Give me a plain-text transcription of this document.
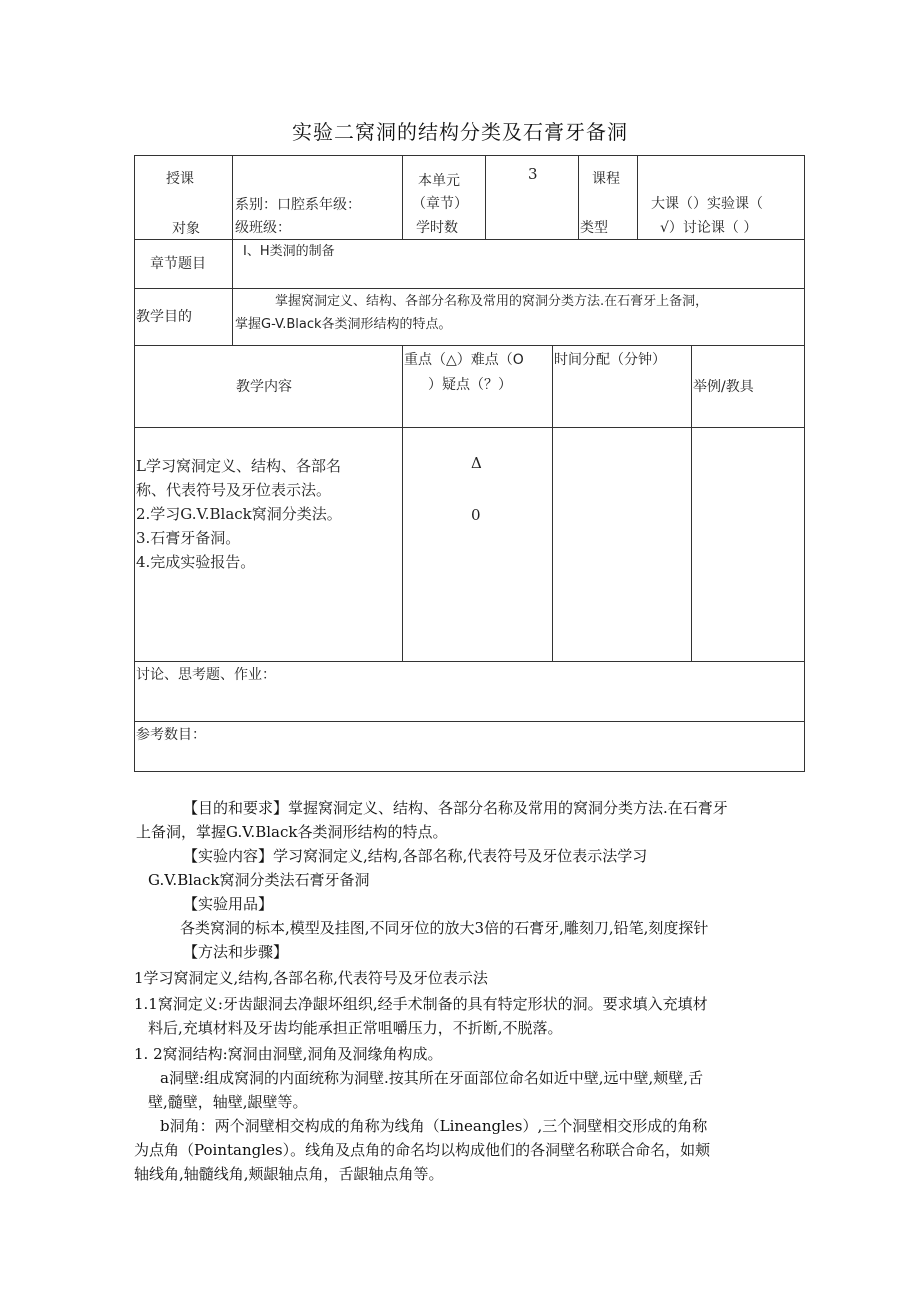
实验二窝洞的结构分类及石膏牙备洞
授课
对象
系别：口腔系年级：
级班级：
本单元
（章节）
学时数
3	课程
类型
大课（）实验课（
√）讨论课（ ）
章节题目
I、H类洞的制备
教学目的
掌握窝洞定义、结构、各部分名称及常用的窝洞分类方法.在石膏牙上备洞，
掌握G-V.Black各类洞形结构的特点。
教学内容
重点（△）难点（O
）疑点（？）
时间分配（分钟）
举例/教具
L学习窝洞定义、结构、各部名
称、代表符号及牙位表示法。
2.学习G.V.Black窝洞分类法。
3.石膏牙备洞。
4.完成实验报告。
Δ
0
讨论、思考题、作业：
参考数目：
【目的和要求】掌握窝洞定义、结构、各部分名称及常用的窝洞分类方法.在石膏牙
上备洞，掌握G.V.Black各类洞形结构的特点。
【实验内容】学习窝洞定义,结构,各部名称,代表符号及牙位表示法学习
G.V.Black窝洞分类法石膏牙备洞
【实验用品】
各类窝洞的标本,模型及挂图,不同牙位的放大3倍的石膏牙,雕刻刀,铅笔,刻度探针
【方法和步骤】
1学习窝洞定义,结构,各部名称,代表符号及牙位表示法
1.1窝洞定义:牙齿龈洞去净龈坏组织,经手术制备的具有特定形状的洞。要求填入充填材
料后,充填材料及牙齿均能承担正常咀嚼压力，不折断,不脱落。
1. 2窝洞结构:窝洞由洞壁,洞角及洞缘角构成。
a洞壁:组成窝洞的内面统称为洞壁.按其所在牙面部位命名如近中壁,远中壁,颊壁,舌
壁,髓壁，轴壁,龈壁等。
b洞角：两个洞壁相交构成的角称为线角（Lineangles）,三个洞壁相交形成的角称
为点角（Pointangles）。线角及点角的命名均以构成他们的各洞壁名称联合命名，如颊
轴线角,轴髓线角,颊龈轴点角，舌龈轴点角等。
